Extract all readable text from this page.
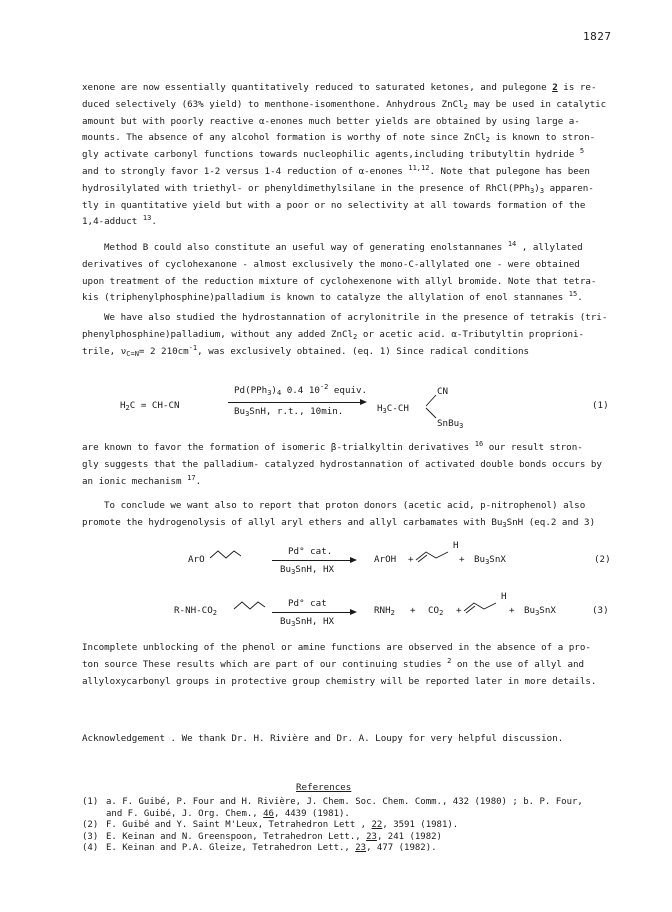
1827
xenone are now essentially quantitatively reduced to saturated ketones, and pulegone 2 is re-
duced selectively (63% yield) to menthone-isomenthone. Anhydrous ZnCl$_2$ may be used in catalytic
amount but with poorly reactive α-enones much better yields are obtained by using large a-
mounts. The absence of any alcohol formation is worthy of note since ZnCl$_2$ is known to stron-
gly activate carbonyl functions towards nucleophilic agents,including tributyltin hydride $^5$
and to strongly favor 1-2 versus 1-4 reduction of α-enones $^{11,12}$. Note that pulegone has been
hydrosilylated with triethyl- or phenyldimethylsilane in the presence of $RhCl(PPh_3)_3$ apparen-
tly in quantitative yield but with a poor or no selectivity at all towards formation of the
1,4-adduct $^{13}$.
Method B could also constitute an useful way of generating enolstannanes $^{14}$ , allylated
derivatives of cyclohexanone - almost exclusively the mono-C-allylated one - were obtained
upon treatment of the reduction mixture of cyclohexenone with allyl bromide. Note that tetra-
kis (triphenylphosphine)palladium is known to catalyze the allylation of enol stannanes $^{15}$.
We have also studied the hydrostannation of acrylonitrile in the presence of tetrakis (tri-
phenylphosphine)palladium, without any added ZnCl$_2$ or acetic acid. α-Tributyltin proprioni-
trile, $\nu_{C=N}= 2$ $210cm^{-1}$, was exclusively obtained. (eq. 1) Since radical conditions
$H_2C = CH-CN$
$Pd(PPh_3)_4$ 0.4 $10^{-2}$ equiv.
$Bu_3SnH$, r.t., 10min.	$H_3C-CH$
CN
SnBu$_3$
(1)
are known to favor the formation of isomeric β-trialkyltin derivatives $^{16}$ our result stron-
gly suggests that the palladium- catalyzed hydrostannation of activated double bonds occurs by
an ionic mechanism $^{17}$.
To conclude we want also to report that proton donors (acetic acid, p-nitrophenol) also
promote the hydrogenolysis of allyl aryl ethers and allyl carbamates with $Bu_3SnH$ (eq.2 and 3)
ArO
Pd° cat.
$Bu_3SnH$, HX
ArOH +
H
+ $Bu_3SnX$	(2)
$R-NH-CO_2$
Pd° cat
$Bu_3SnH$, HX
$RNH_2 + CO_2$ +
H
+ $Bu_3SnX$	(3)
Incomplete unblocking of the phenol or amine functions are observed in the absence of a pro-
ton source These results which are part of our continuing studies $^2$ on the use of allyl and
allyloxycarbonyl groups in protective group chemistry will be reported later in more details.
Acknowledgement . We thank Dr. H. Rivière and Dr. A. Loupy for very helpful discussion.
References
(1) a. F. Guibé, P. Four and H. Rivière, J. Chem. Soc. Chem. Comm., 432 (1980) ; b. P. Four,
and F. Guibé, J. Org. Chem., 46, 4439 (1981).
(2) F. Guibé and Y. Saint M'Leux, Tetrahedron Lett , 22, 3591 (1981).
(3) E. Keinan and N. Greenspoon, Tetrahedron Lett., 23, 241 (1982)
(4) E. Keinan and P.A. Gleize, Tetrahedron Lett., 23, 477 (1982).
